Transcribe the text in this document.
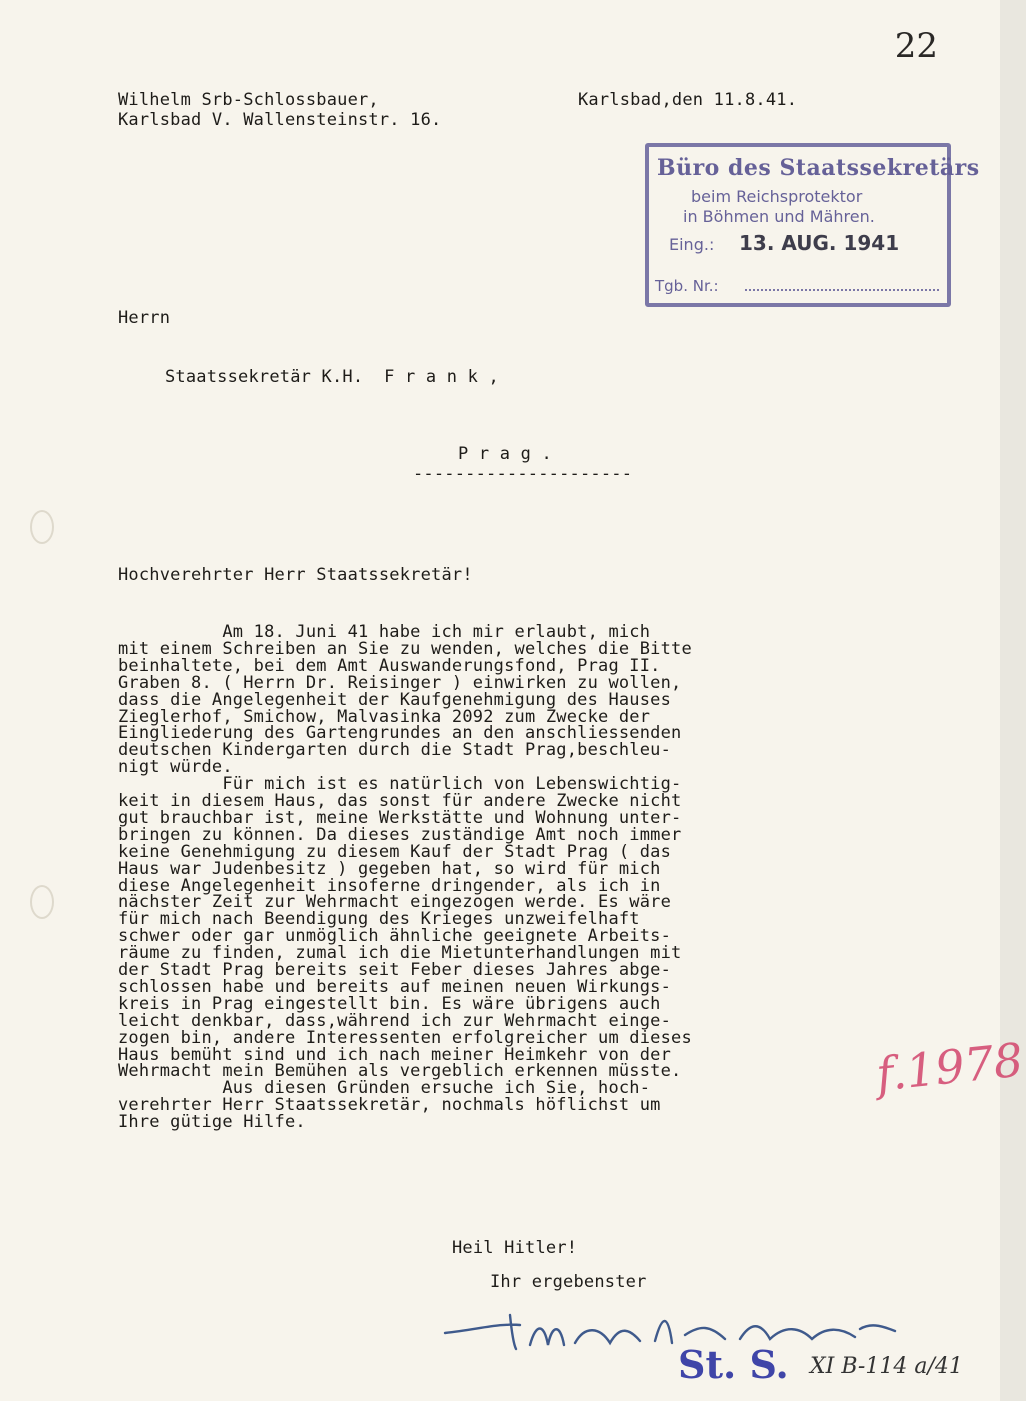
22
Wilhelm Srb-Schlossbauer,
Karlsbad V. Wallensteinstr. 16.
Karlsbad,den 11.8.41.
Büro des Staatssekretärs
beim Reichsprotektor
in Böhmen und Mähren.
Eing.: 13. AUG. 1941
Tgb. Nr.:
Herrn
Staatssekretär K.H.  F r a n k ,
P r a g .
---------------------
Hochverehrter Herr Staatssekretär!
Am 18. Juni 41 habe ich mir erlaubt, mich
mit einem Schreiben an Sie zu wenden, welches die Bitte
beinhaltete, bei dem Amt Auswanderungsfond, Prag II.
Graben 8. ( Herrn Dr. Reisinger ) einwirken zu wollen,
dass die Angelegenheit der Kaufgenehmigung des Hauses
Zieglerhof, Smichow, Malvasinka 2092 zum Zwecke der
Eingliederung des Gartengrundes an den anschliessenden
deutschen Kindergarten durch die Stadt Prag,beschleu-
nigt würde.
Für mich ist es natürlich von Lebenswichtig-
keit in diesem Haus, das sonst für andere Zwecke nicht
gut brauchbar ist, meine Werkstätte und Wohnung unter-
bringen zu können. Da dieses zuständige Amt noch immer
keine Genehmigung zu diesem Kauf der Stadt Prag ( das
Haus war Judenbesitz ) gegeben hat, so wird für mich
diese Angelegenheit insoferne dringender, als ich in
nächster Zeit zur Wehrmacht eingezogen werde. Es wäre
für mich nach Beendigung des Krieges unzweifelhaft
schwer oder gar unmöglich ähnliche geeignete Arbeits-
räume zu finden, zumal ich die Mietunterhandlungen mit
der Stadt Prag bereits seit Feber dieses Jahres abge-
schlossen habe und bereits auf meinen neuen Wirkungs-
kreis in Prag eingestellt bin. Es wäre übrigens auch
leicht denkbar, dass,während ich zur Wehrmacht einge-
zogen bin, andere Interessenten erfolgreicher um dieses
Haus bemüht sind und ich nach meiner Heimkehr von der
Wehrmacht mein Bemühen als vergeblich erkennen müsste.
Aus diesen Gründen ersuche ich Sie, hoch-
verehrter Herr Staatssekretär, nochmals höflichst um
Ihre gütige Hilfe.
Heil Hitler!
Ihr ergebenster
St. S. XI B-114 a/41
f.1978
